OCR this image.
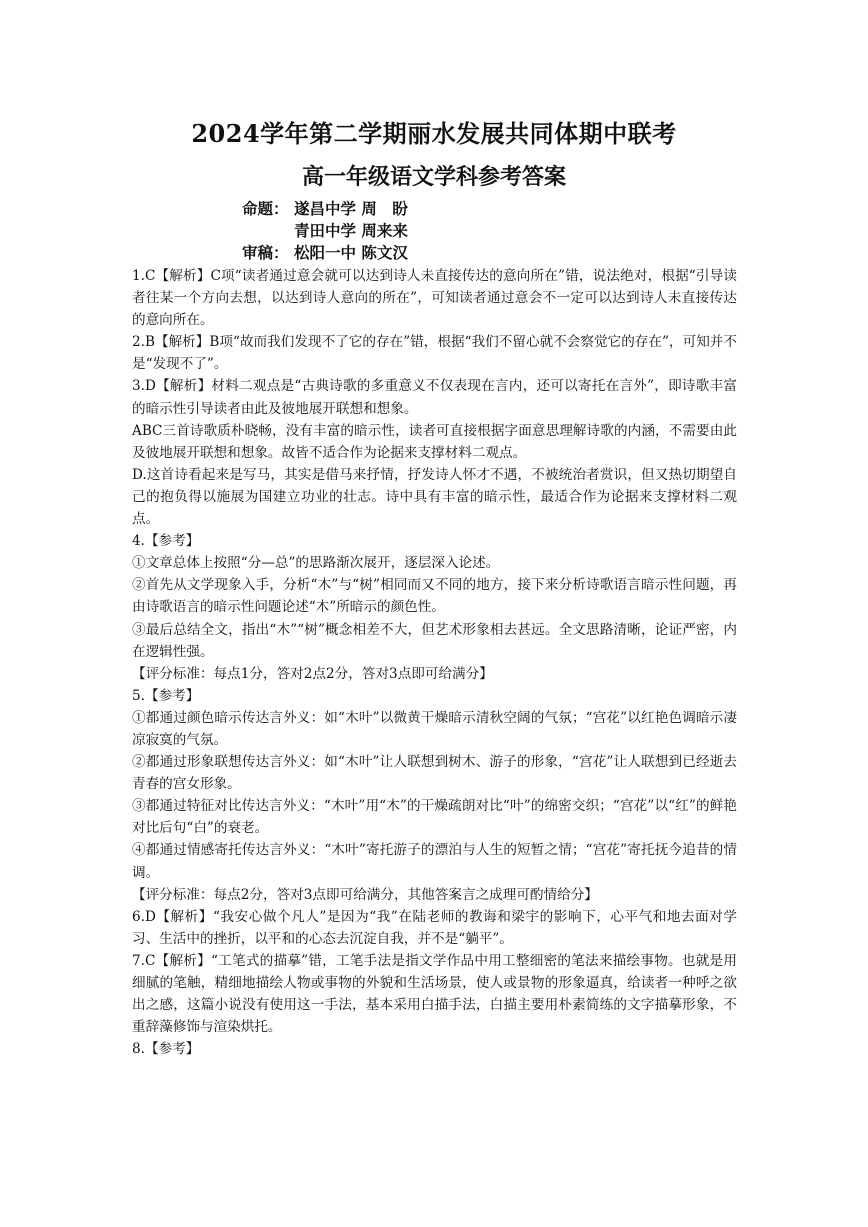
2024学年第二学期丽水发展共同体期中联考
高一年级语文学科参考答案
命题： 遂昌中学 周　盼
青田中学 周来来
审稿： 松阳一中 陈文汉

1.C【解析】C项“读者通过意会就可以达到诗人未直接传达的意向所在”错，说法绝对，根据“引导读者往某一个方向去想，以达到诗人意向的所在”，可知读者通过意会不一定可以达到诗人未直接传达的意向所在。

2.B【解析】B项“故而我们发现不了它的存在”错，根据“我们不留心就不会察觉它的存在”，可知并不是“发现不了”。

3.D【解析】材料二观点是“古典诗歌的多重意义不仅表现在言内，还可以寄托在言外”，即诗歌丰富的暗示性引导读者由此及彼地展开联想和想象。

ABC三首诗歌质朴晓畅，没有丰富的暗示性，读者可直接根据字面意思理解诗歌的内涵，不需要由此及彼地展开联想和想象。故皆不适合作为论据来支撑材料二观点。

D.这首诗看起来是写马，其实是借马来抒情，抒发诗人怀才不遇，不被统治者赏识，但又热切期望自己的抱负得以施展为国建立功业的壮志。诗中具有丰富的暗示性，最适合作为论据来支撑材料二观点。

4.【参考】

①文章总体上按照“分—总”的思路渐次展开，逐层深入论述。

②首先从文学现象入手，分析“木”与“树”相同而又不同的地方，接下来分析诗歌语言暗示性问题，再由诗歌语言的暗示性问题论述“木”所暗示的颜色性。

③最后总结全文，指出“木”“树”概念相差不大，但艺术形象相去甚远。全文思路清晰，论证严密，内在逻辑性强。

【评分标准：每点1分，答对2点2分，答对3点即可给满分】

5.【参考】

①都通过颜色暗示传达言外义：如“木叶”以微黄干燥暗示清秋空阔的气氛；“宫花”以红艳色调暗示凄凉寂寞的气氛。

②都通过形象联想传达言外义：如“木叶”让人联想到树木、游子的形象，“宫花”让人联想到已经逝去青春的宫女形象。

③都通过特征对比传达言外义：“木叶”用“木”的干燥疏朗对比“叶”的绵密交织；“宫花”以“红”的鲜艳对比后句“白”的衰老。

④都通过情感寄托传达言外义：“木叶”寄托游子的漂泊与人生的短暂之情；“宫花”寄托抚今追昔的情调。

【评分标准：每点2分，答对3点即可给满分，其他答案言之成理可酌情给分】

6.D【解析】“我安心做个凡人”是因为“我”在陆老师的教诲和梁宇的影响下，心平气和地去面对学习、生活中的挫折，以平和的心态去沉淀自我，并不是“躺平”。

7.C【解析】“工笔式的描摹”错，工笔手法是指文学作品中用工整细密的笔法来描绘事物。也就是用细腻的笔触，精细地描绘人物或事物的外貌和生活场景，使人或景物的形象逼真，给读者一种呼之欲出之感，这篇小说没有使用这一手法，基本采用白描手法，白描主要用朴素简练的文字描摹形象，不重辞藻修饰与渲染烘托。

8.【参考】
